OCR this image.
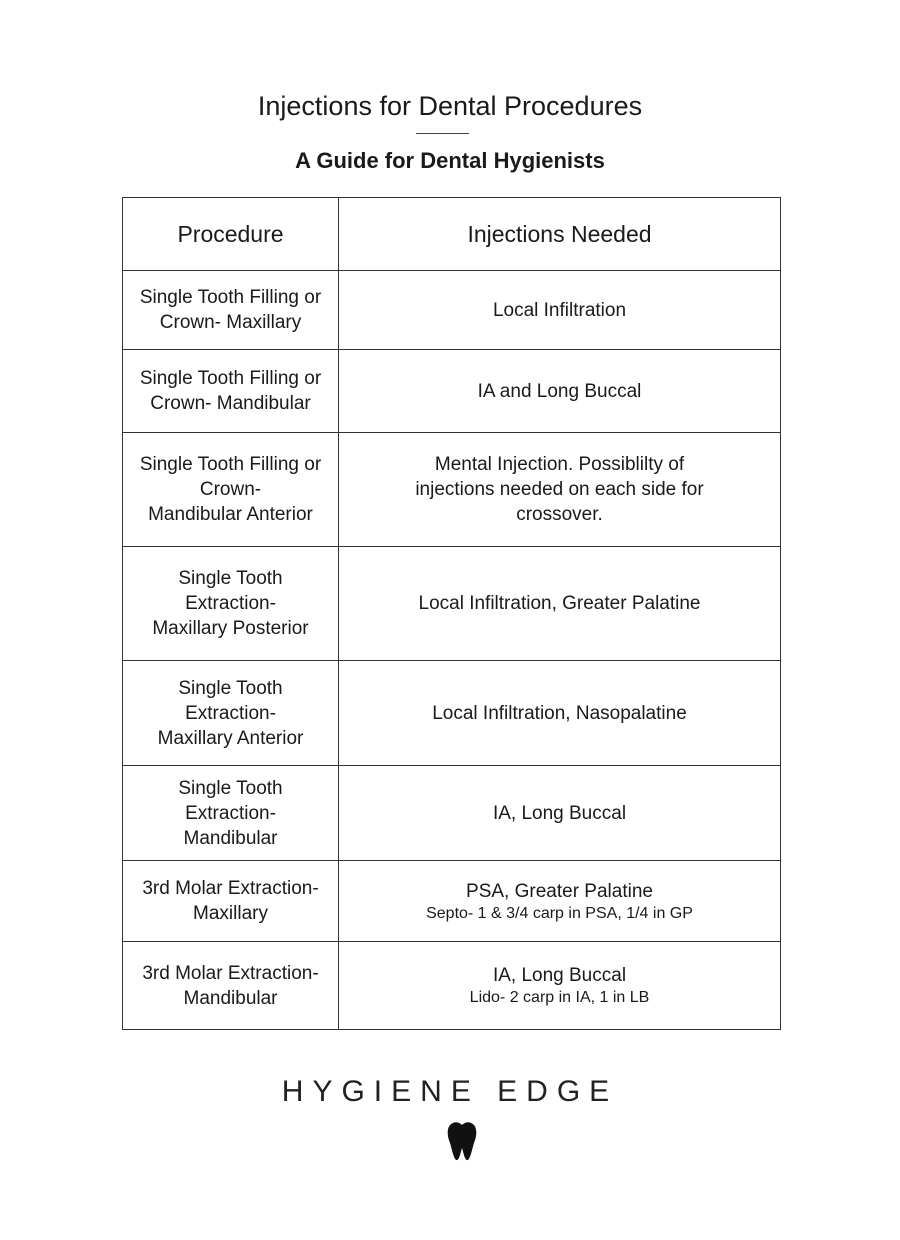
Injections for Dental Procedures
A Guide for Dental Hygienists
Procedure	Injections Needed
Single Tooth Filling or
Crown- Maxillary	Local Infiltration
Single Tooth Filling or
Crown- Mandibular	IA and Long Buccal
Single Tooth Filling or
Crown-
Mandibular Anterior	Mental Injection. Possiblilty of injections needed on each side for crossover.
Single Tooth
Extraction-
Maxillary Posterior	Local Infiltration, Greater Palatine
Single Tooth
Extraction-
Maxillary Anterior	Local Infiltration, Nasopalatine
Single Tooth
Extraction-
Mandibular	IA, Long Buccal
3rd Molar Extraction-
Maxillary	PSA, Greater Palatine
Septo- 1 & 3/4 carp in PSA, 1/4 in GP

3rd Molar Extraction-
Mandibular	IA, Long Buccal
Lido- 2 carp in IA, 1 in LB
HYGIENE EDGE
